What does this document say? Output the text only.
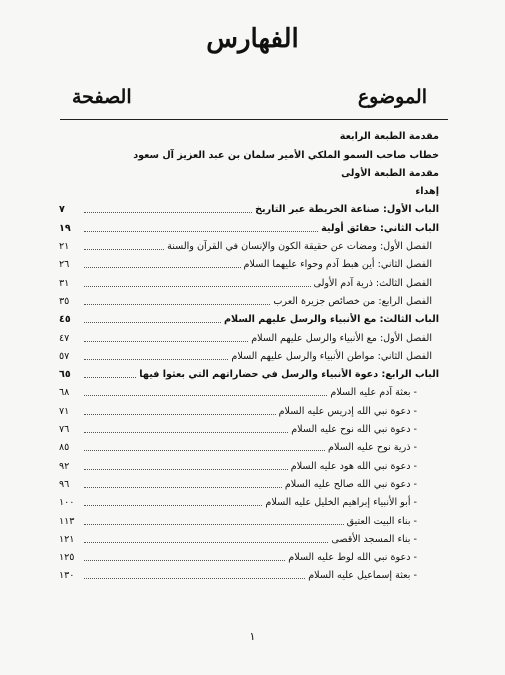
الفهارس
الموضوع
الصفحة
مقدمة الطبعة الرابعة
خطاب صاحب السمو الملكي الأمير سلمان بن عبد العزيز آل سعود
مقدمة الطبعة الأولى
إهداء
الباب الأول: صناعة الخريطة عبر التاريخ
٧
الباب الثاني: حقائق أولية
١٩
الفصل الأول: ومضات عن حقيقة الكون والإنسان في القرآن والسنة
٢١
الفصل الثاني: أين هبط آدم وحواء عليهما السلام
٢٦
الفصل الثالث: ذرية آدم الأولى
٣١
الفصل الرابع: من خصائص جزيرة العرب
٣٥
الباب الثالث: مع الأنبياء والرسل عليهم السلام
٤٥
الفصل الأول: مع الأنبياء والرسل عليهم السلام
٤٧
الفصل الثاني: مواطن الأنبياء والرسل عليهم السلام
٥٧
الباب الرابع: دعوة الأنبياء والرسل في حضاراتهم التي بعثوا فيها
٦٥
- بعثة آدم عليه السلام
٦٨
- دعوة نبي الله إدريس عليه السلام
٧١
- دعوة نبي الله نوح عليه السلام
٧٦
- ذرية نوح عليه السلام
٨٥
- دعوة نبي الله هود عليه السلام
٩٢
- دعوة نبي الله صالح عليه السلام
٩٦
- أبو الأنبياء إبراهيم الخليل عليه السلام
١٠٠
- بناء البيت العتيق
١١٣
- بناء المسجد الأقصى
١٢١
- دعوة نبي الله لوط عليه السلام
١٢٥
- بعثة إسماعيل عليه السلام
١٣٠
١
